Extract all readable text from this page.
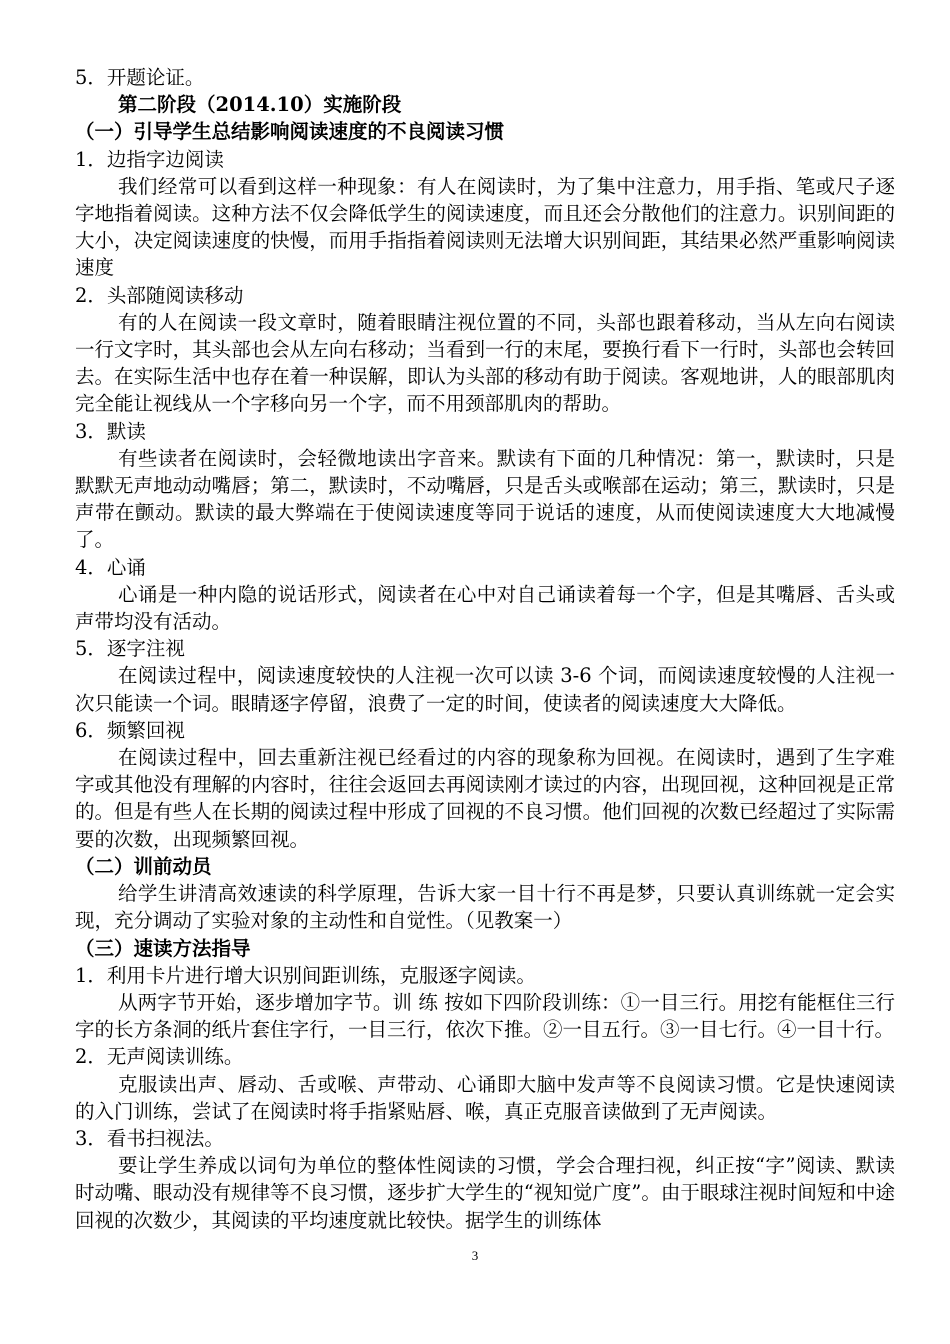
5．开题论证。
第二阶段（2014.10）实施阶段
（一）引导学生总结影响阅读速度的不良阅读习惯
1．边指字边阅读
我们经常可以看到这样一种现象：有人在阅读时，为了集中注意力，用手指、笔或尺子逐字地指着阅读。这种方法不仅会降低学生的阅读速度，而且还会分散他们的注意力。识别间距的大小，决定阅读速度的快慢，而用手指指着阅读则无法增大识别间距，其结果必然严重影响阅读速度
2．头部随阅读移动
有的人在阅读一段文章时，随着眼睛注视位置的不同，头部也跟着移动，当从左向右阅读一行文字时，其头部也会从左向右移动；当看到一行的末尾，要换行看下一行时，头部也会转回去。在实际生活中也存在着一种误解，即认为头部的移动有助于阅读。客观地讲，人的眼部肌肉完全能让视线从一个字移向另一个字，而不用颈部肌肉的帮助。
3．默读
有些读者在阅读时，会轻微地读出字音来。默读有下面的几种情况：第一，默读时，只是默默无声地动动嘴唇；第二，默读时，不动嘴唇，只是舌头或喉部在运动；第三，默读时，只是声带在颤动。默读的最大弊端在于使阅读速度等同于说话的速度，从而使阅读速度大大地减慢了。
4．心诵
心诵是一种内隐的说话形式，阅读者在心中对自己诵读着每一个字，但是其嘴唇、舌头或声带均没有活动。
5．逐字注视
在阅读过程中，阅读速度较快的人注视一次可以读 3-6 个词，而阅读速度较慢的人注视一次只能读一个词。眼睛逐字停留，浪费了一定的时间，使读者的阅读速度大大降低。
6．频繁回视
在阅读过程中，回去重新注视已经看过的内容的现象称为回视。在阅读时，遇到了生字难字或其他没有理解的内容时，往往会返回去再阅读刚才读过的内容，出现回视，这种回视是正常的。但是有些人在长期的阅读过程中形成了回视的不良习惯。他们回视的次数已经超过了实际需要的次数，出现频繁回视。
（二）训前动员
给学生讲清高效速读的科学原理，告诉大家一目十行不再是梦，只要认真训练就一定会实现，充分调动了实验对象的主动性和自觉性。（见教案一）
（三）速读方法指导
1．利用卡片进行增大识别间距训练，克服逐字阅读。
从两字节开始，逐步增加字节。训 练 按如下四阶段训练：①一目三行。用挖有能框住三行字的长方条洞的纸片套住字行，一目三行，依次下推。②一目五行。③一目七行。④一目十行。
2．无声阅读训练。
克服读出声、唇动、舌或喉、声带动、心诵即大脑中发声等不良阅读习惯。它是快速阅读的入门训练，尝试了在阅读时将手指紧贴唇、喉，真正克服音读做到了无声阅读。
3．看书扫视法。
要让学生养成以词句为单位的整体性阅读的习惯，学会合理扫视，纠正按“字”阅读、默读时动嘴、眼动没有规律等不良习惯，逐步扩大学生的“视知觉广度”。由于眼球注视时间短和中途回视的次数少，其阅读的平均速度就比较快。据学生的训练体
3
